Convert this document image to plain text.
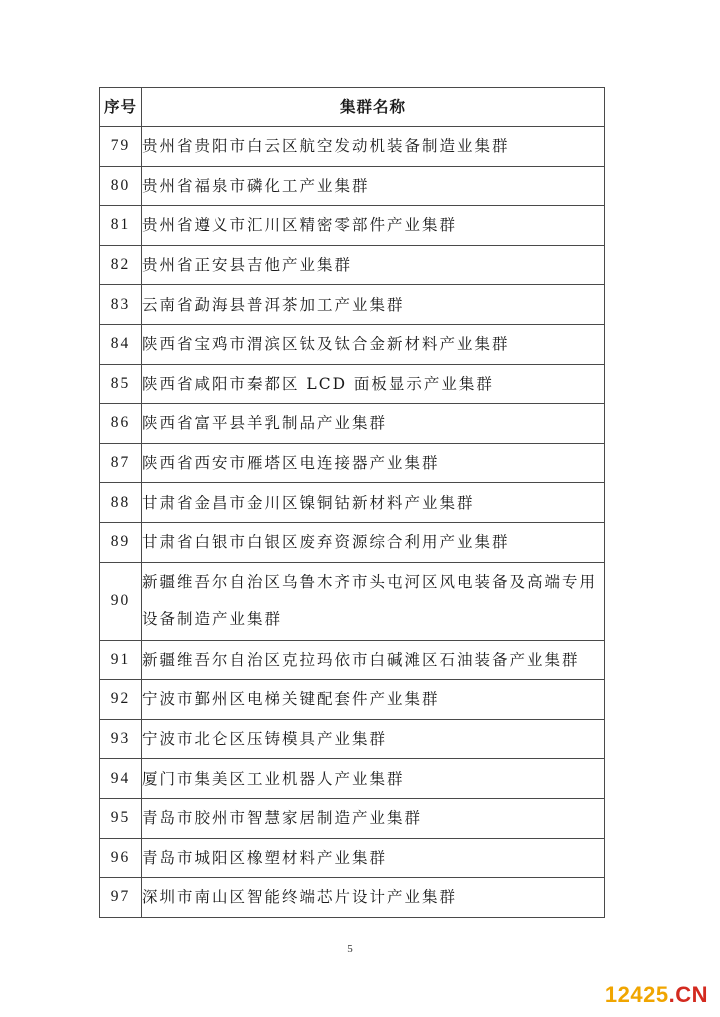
序号	集群名称
79	贵州省贵阳市白云区航空发动机装备制造业集群
80	贵州省福泉市磷化工产业集群
81	贵州省遵义市汇川区精密零部件产业集群
82	贵州省正安县吉他产业集群
83	云南省勐海县普洱茶加工产业集群
84	陕西省宝鸡市渭滨区钛及钛合金新材料产业集群
85	陕西省咸阳市秦都区 LCD 面板显示产业集群
86	陕西省富平县羊乳制品产业集群
87	陕西省西安市雁塔区电连接器产业集群
88	甘肃省金昌市金川区镍铜钴新材料产业集群
89	甘肃省白银市白银区废弃资源综合利用产业集群
90	新疆维吾尔自治区乌鲁木齐市头屯河区风电装备及高端专用设备制造产业集群
91	新疆维吾尔自治区克拉玛依市白碱滩区石油装备产业集群
92	宁波市鄞州区电梯关键配套件产业集群
93	宁波市北仑区压铸模具产业集群
94	厦门市集美区工业机器人产业集群
95	青岛市胶州市智慧家居制造产业集群
96	青岛市城阳区橡塑材料产业集群
97	深圳市南山区智能终端芯片设计产业集群
5
12425.CN
